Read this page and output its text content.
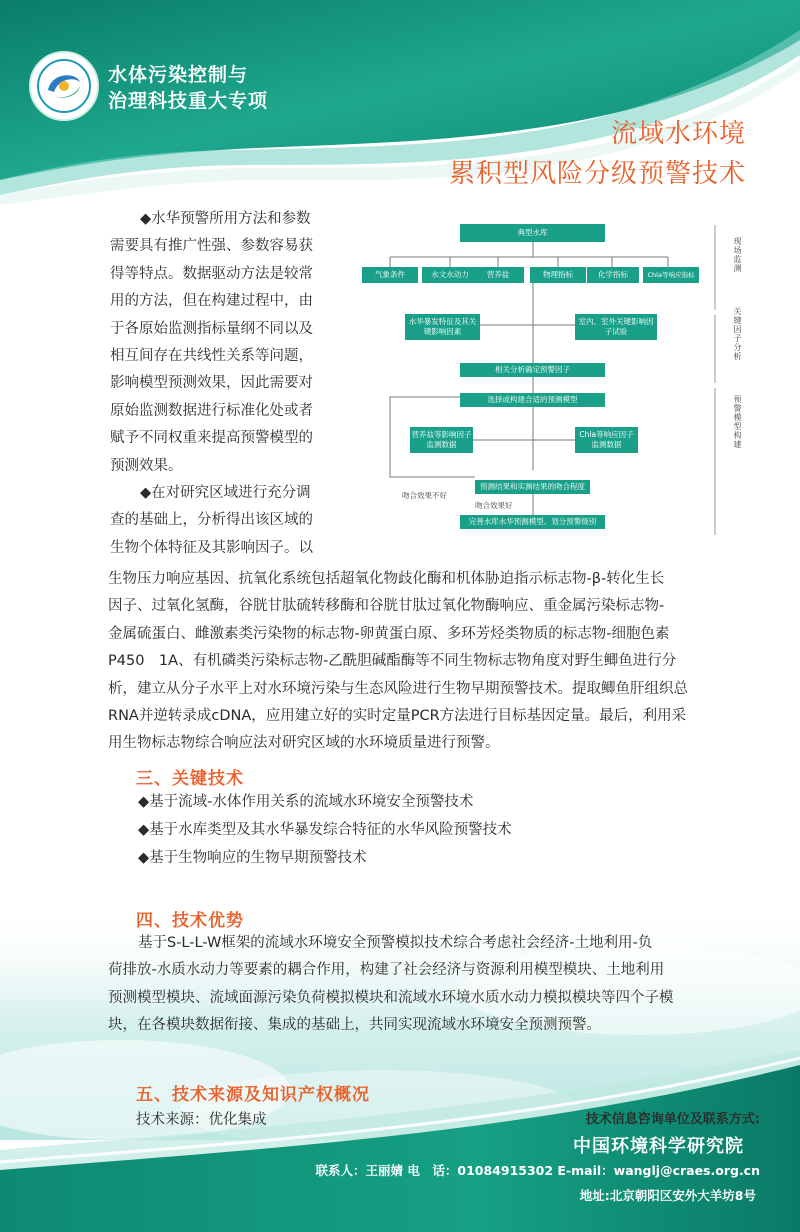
水体污染控制与
治理科技重大专项
流域水环境
累积型风险分级预警技术

◆水华预警所用方法和参数

需要具有推广性强、参数容易获

得等特点。数据驱动方法是较常

用的方法，但在构建过程中，由

于各原始监测指标量纲不同以及

相互间存在共线性关系等问题，

影响模型预测效果，因此需要对

原始监测数据进行标准化处或者

赋予不同权重来提高预警模型的

预测效果。

◆在对研究区域进行充分调

查的基础上，分析得出该区域的

生物个体特征及其影响因子。以

典型水库
气象条件	水文水动力	营养盐	物理指标	化学指标	Chla等响应指标
水华暴发特征及其关键影响因素
室内、室外关键影响因子试验
相关分析确定预警因子
选择或构建合适的预测模型
营养盐等影响因子监测数据
Chla等响应因子监测数据
预测结果和实测结果的吻合程度
吻合效果不好
吻合效果好
完善水库水华预测模型、划分预警级别
现场监测
关键因子分析
预警模型构建

生物压力响应基因、抗氧化系统包括超氧化物歧化酶和机体胁迫指示标志物-β-转化生长

因子、过氧化氢酶，谷胱甘肽硫转移酶和谷胱甘肽过氧化物酶响应、重金属污染标志物-

金属硫蛋白、雌激素类污染物的标志物-卵黄蛋白原、多环芳烃类物质的标志物-细胞色素

P450　1A、有机磷类污染标志物-乙酰胆碱酯酶等不同生物标志物角度对野生鲫鱼进行分

析，建立从分子水平上对水环境污染与生态风险进行生物早期预警技术。提取鲫鱼肝组织总

RNA并逆转录成cDNA，应用建立好的实时定量PCR方法进行目标基因定量。最后，利用采

用生物标志物综合响应法对研究区域的水环境质量进行预警。

三、关键技术
◆基于流域-水体作用关系的流域水环境安全预警技术
◆基于水库类型及其水华暴发综合特征的水华风险预警技术
◆基于生物响应的生物早期预警技术
四、技术优势

基于S-L-L-W框架的流域水环境安全预警模拟技术综合考虑社会经济-土地利用-负

荷排放-水质水动力等要素的耦合作用，构建了社会经济与资源利用模型模块、土地利用

预测模型模块、流域面源污染负荷模拟模块和流域水环境水质水动力模拟模块等四个子模

块，在各模块数据衔接、集成的基础上，共同实现流域水环境安全预测预警。

五、技术来源及知识产权概况
技术来源：优化集成	技术信息咨询单位及联系方式:
中国环境科学研究院
联系人：王丽婧 电　话：01084915302 E-mail：wanglj@craes.org.cn
地址:北京朝阳区安外大羊坊8号
